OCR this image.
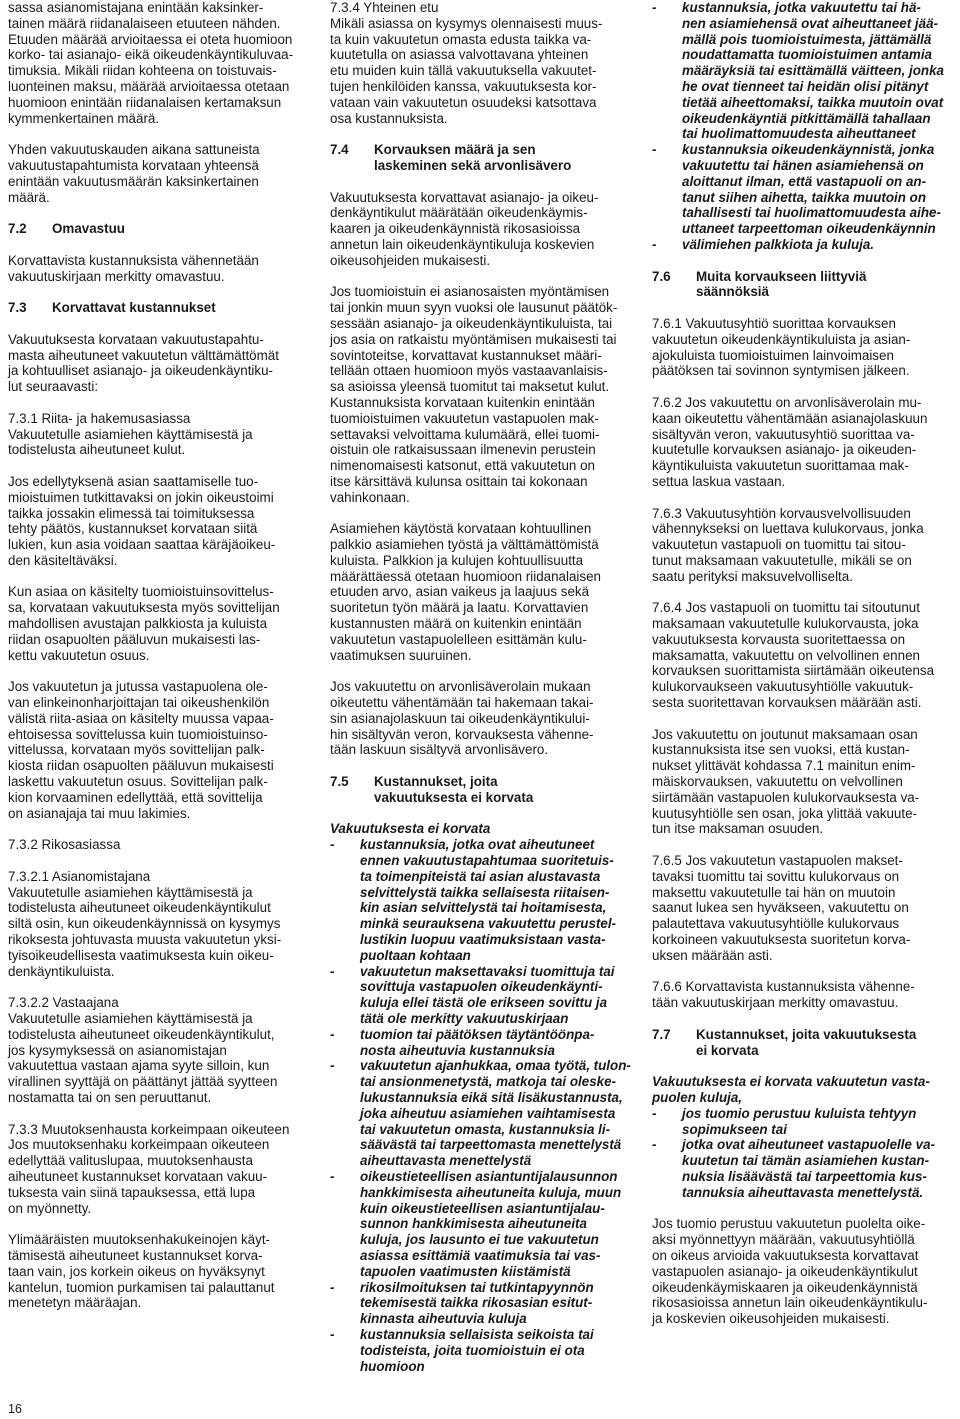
sassa asianomistajana enintään kaksinker-
tainen määrä riidanalaiseen etuuteen nähden.
Etuuden määrää arvioitaessa ei oteta huomioon
korko- tai asianajo- eikä oikeudenkäyntikuluvaa-
timuksia. Mikäli riidan kohteena on toistuvais-
luonteinen maksu, määrää arvioitaessa otetaan
huomioon enintään riidanalaisen kertamaksun
kymmenkertainen määrä.
Yhden vakuutuskauden aikana sattuneista
vakuutustapahtumista korvataan yhteensä
enintään vakuutusmäärän kaksinkertainen
määrä.
7.2 Omavastuu
Korvattavista kustannuksista vähennetään
vakuutuskirjaan merkitty omavastuu.
7.3 Korvattavat kustannukset
Vakuutuksesta korvataan vakuutustapahtu-
masta aiheutuneet vakuutetun välttämättömät
ja kohtuulliset asianajo- ja oikeudenkäyntiku-
lut seuraavasti:
7.3.1 Riita- ja hakemusasiassa
Vakuutetulle asiamiehen käyttämisestä ja
todistelusta aiheutuneet kulut.
Jos edellytyksenä asian saattamiselle tuo-
mioistuimen tutkittavaksi on jokin oikeustoimi
taikka jossakin elimessä tai toimituksessa
tehty päätös, kustannukset korvataan siitä
lukien, kun asia voidaan saattaa käräjäoikeu-
den käsiteltäväksi.
Kun asiaa on käsitelty tuomioistuinsovittelus-
sa, korvataan vakuutuksesta myös sovittelijan
mahdollisen avustajan palkkiosta ja kuluista
riidan osapuolten pääluvun mukaisesti las-
kettu vakuutetun osuus.
Jos vakuutetun ja jutussa vastapuolena ole-
van elinkeinonharjoittajan tai oikeushenkilön
välistä riita-asiaa on käsitelty muussa vapaa-
ehtoisessa sovittelussa kuin tuomioistuinso-
vittelussa, korvataan myös sovittelijan palk-
kiosta riidan osapuolten pääluvun mukaisesti
laskettu vakuutetun osuus. Sovittelijan palk-
kion korvaaminen edellyttää, että sovittelija
on asianajaja tai muu lakimies.
7.3.2 Rikosasiassa
7.3.2.1 Asianomistajana
Vakuutetulle asiamiehen käyttämisestä ja
todistelusta aiheutuneet oikeudenkäyntikulut
siltä osin, kun oikeudenkäynnissä on kysymys
rikoksesta johtuvasta muusta vakuutetun yksi-
tyisoikeudellisesta vaatimuksesta kuin oikeu-
denkäyntikuluista.
7.3.2.2 Vastaajana
Vakuutetulle asiamiehen käyttämisestä ja
todistelusta aiheutuneet oikeudenkäyntikulut,
jos kysymyksessä on asianomistajan
vakuutettua vastaan ajama syyte silloin, kun
virallinen syyttäjä on päättänyt jättää syytteen
nostamatta tai on sen peruuttanut.
7.3.3 Muutoksenhausta korkeimpaan oikeuteen
Jos muutoksenhaku korkeimpaan oikeuteen
edellyttää valituslupaa, muutoksenhausta
aiheutuneet kustannukset korvataan vakuu-
tuksesta vain siinä tapauksessa, että lupa
on myönnetty.
Ylimääräisten muutoksenhakukeinojen käyt-
tämisestä aiheutuneet kustannukset korva-
taan vain, jos korkein oikeus on hyväksynyt
kantelun, tuomion purkamisen tai palauttanut
menetetyn määräajan.
7.3.4 Yhteinen etu
Mikäli asiassa on kysymys olennaisesti muus-
ta kuin vakuutetun omasta edusta taikka va-
kuutetulla on asiassa valvottavana yhteinen
etu muiden kuin tällä vakuutuksella vakuutet-
tujen henkilöiden kanssa, vakuutuksesta kor-
vataan vain vakuutetun osuudeksi katsottava
osa kustannuksista.
7.4 Korvauksen määrä ja sen
laskeminen sekä arvonlisävero
Vakuutuksesta korvattavat asianajo- ja oikeu-
denkäyntikulut määrätään oikeudenkäymis-
kaaren ja oikeudenkäynnistä rikosasioissa
annetun lain oikeudenkäyntikuluja koskevien
oikeusohjeiden mukaisesti.
Jos tuomioistuin ei asianosaisten myöntämisen
tai jonkin muun syyn vuoksi ole lausunut päätök-
sessään asianajo- ja oikeudenkäyntikuluista, tai
jos asia on ratkaistu myöntämisen mukaisesti tai
sovintoteitse, korvattavat kustannukset määri-
tellään ottaen huomioon myös vastaavanlaisis-
sa asioissa yleensä tuomitut tai maksetut kulut.
Kustannuksista korvataan kuitenkin enintään
tuomioistuimen vakuutetun vastapuolen mak-
settavaksi velvoittama kulumäärä, ellei tuomi-
oistuin ole ratkaisussaan ilmenevin perustein
nimenomaisesti katsonut, että vakuutetun on
itse kärsittävä kulunsa osittain tai kokonaan
vahinkonaan.
Asiamiehen käytöstä korvataan kohtuullinen
palkkio asiamiehen työstä ja välttämättömistä
kuluista. Palkkion ja kulujen kohtuullisuutta
määrättäessä otetaan huomioon riidanalaisen
etuuden arvo, asian vaikeus ja laajuus sekä
suoritetun työn määrä ja laatu. Korvattavien
kustannusten määrä on kuitenkin enintään
vakuutetun vastapuolelleen esittämän kulu-
vaatimuksen suuruinen.
Jos vakuutettu on arvonlisäverolain mukaan
oikeutettu vähentämään tai hakemaan takai-
sin asianajolaskuun tai oikeudenkäyntikului-
hin sisältyvän veron, korvauksesta vähenne-
tään laskuun sisältyvä arvonlisävero.
7.5 Kustannukset, joita
vakuutuksesta ei korvata
Vakuutuksesta ei korvata
-	kustannuksia, jotka ovat aiheutuneet
ennen vakuutustapahtumaa suoritetuis-
ta toimenpiteistä tai asian alustavasta
selvittelystä taikka sellaisesta riitaisen-
kin asian selvittelystä tai hoitamisesta,
minkä seurauksena vakuutettu perustel-
lustikin luopuu vaatimuksistaan vasta-
puoltaan kohtaan
-	vakuutetun maksettavaksi tuomittuja tai
sovittuja vastapuolen oikeudenkäynti-
kuluja ellei tästä ole erikseen sovittu ja
tätä ole merkitty vakuutuskirjaan
-	tuomion tai päätöksen täytäntöönpa-
nosta aiheutuvia kustannuksia
-	vakuutetun ajanhukkaa, omaa työtä, tulon-
tai ansionmenetystä, matkoja tai oleske-
lukustannuksia eikä sitä lisäkustannusta,
joka aiheutuu asiamiehen vaihtamisesta
tai vakuutetun omasta, kustannuksia li-
säävästä tai tarpeettomasta menettelystä
aiheuttavasta menettelystä
-	oikeustieteellisen asiantuntijalausunnon
hankkimisesta aiheutuneita kuluja, muun
kuin oikeustieteellisen asiantuntijalau-
sunnon hankkimisesta aiheutuneita
kuluja, jos lausunto ei tue vakuutetun
asiassa esittämiä vaatimuksia tai vas-
tapuolen vaatimusten kiistämistä
-	rikosilmoituksen tai tutkintapyynnön
tekemisestä taikka rikosasian esitut-
kinnasta aiheutuvia kuluja
-	kustannuksia sellaisista seikoista tai
todisteista, joita tuomioistuin ei ota
huomioon
-	kustannuksia, jotka vakuutettu tai hä-
nen asiamiehensä ovat aiheuttaneet jää-
mällä pois tuomioistuimesta, jättämällä
noudattamatta tuomioistuimen antamia
määräyksiä tai esittämällä väitteen, jonka
he ovat tienneet tai heidän olisi pitänyt
tietää aiheettomaksi, taikka muutoin ovat
oikeudenkäyntiä pitkittämällä tahallaan
tai huolimattomuudesta aiheuttaneet
-	kustannuksia oikeudenkäynnistä, jonka
vakuutettu tai hänen asiamiehensä on
aloittanut ilman, että vastapuoli on an-
tanut siihen aihetta, taikka muutoin on
tahallisesti tai huolimattomuudesta aihe-
uttaneet tarpeettoman oikeudenkäynnin
-	välimiehen palkkiota ja kuluja.
7.6 Muita korvaukseen liittyviä
säännöksiä
7.6.1 Vakuutusyhtiö suorittaa korvauksen
vakuutetun oikeudenkäyntikuluista ja asian-
ajokuluista tuomioistuimen lainvoimaisen
päätöksen tai sovinnon syntymisen jälkeen.
7.6.2 Jos vakuutettu on arvonlisäverolain mu-
kaan oikeutettu vähentämään asianajolaskuun
sisältyvän veron, vakuutusyhtiö suorittaa va-
kuutetulle korvauksen asianajo- ja oikeuden-
käyntikuluista vakuutetun suorittamaa mak-
settua laskua vastaan.
7.6.3 Vakuutusyhtiön korvausvelvollisuuden
vähennykseksi on luettava kulukorvaus, jonka
vakuutetun vastapuoli on tuomittu tai sitou-
tunut maksamaan vakuutetulle, mikäli se on
saatu perityksi maksuvelvolliselta.
7.6.4 Jos vastapuoli on tuomittu tai sitoutunut
maksamaan vakuutetulle kulukorvausta, joka
vakuutuksesta korvausta suoritettaessa on
maksamatta, vakuutettu on velvollinen ennen
korvauksen suorittamista siirtämään oikeutensa
kulukorvaukseen vakuutusyhtiölle vakuutuk-
sesta suoritettavan korvauksen määrään asti.
Jos vakuutettu on joutunut maksamaan osan
kustannuksista itse sen vuoksi, että kustan-
nukset ylittävät kohdassa 7.1 mainitun enim-
mäiskorvauksen, vakuutettu on velvollinen
siirtämään vastapuolen kulukorvauksesta va-
kuutusyhtiölle sen osan, joka ylittää vakuute-
tun itse maksaman osuuden.
7.6.5 Jos vakuutetun vastapuolen makset-
tavaksi tuomittu tai sovittu kulukorvaus on
maksettu vakuutetulle tai hän on muutoin
saanut lukea sen hyväkseen, vakuutettu on
palautettava vakuutusyhtiölle kulukorvaus
korkoineen vakuutuksesta suoritetun korva-
uksen määrään asti.
7.6.6 Korvattavista kustannuksista vähenne-
tään vakuutuskirjaan merkitty omavastuu.
7.7 Kustannukset, joita vakuutuksesta
ei korvata
Vakuutuksesta ei korvata vakuutetun vasta-
puolen kuluja,
-	jos tuomio perustuu kuluista tehtyyn
sopimukseen tai
-	jotka ovat aiheutuneet vastapuolelle va-
kuutetun tai tämän asiamiehen kustan-
nuksia lisäävästä tai tarpeettomia kus-
tannuksia aiheuttavasta menettelystä.
Jos tuomio perustuu vakuutetun puolelta oike-
aksi myönnettyyn määrään, vakuutusyhtiöllä
on oikeus arvioida vakuutuksesta korvattavat
vastapuolen asianajo- ja oikeudenkäyntikulut
oikeudenkäymiskaaren ja oikeudenkäynnistä
rikosasioissa annetun lain oikeudenkäyntikulu-
ja koskevien oikeusohjeiden mukaisesti.
16
